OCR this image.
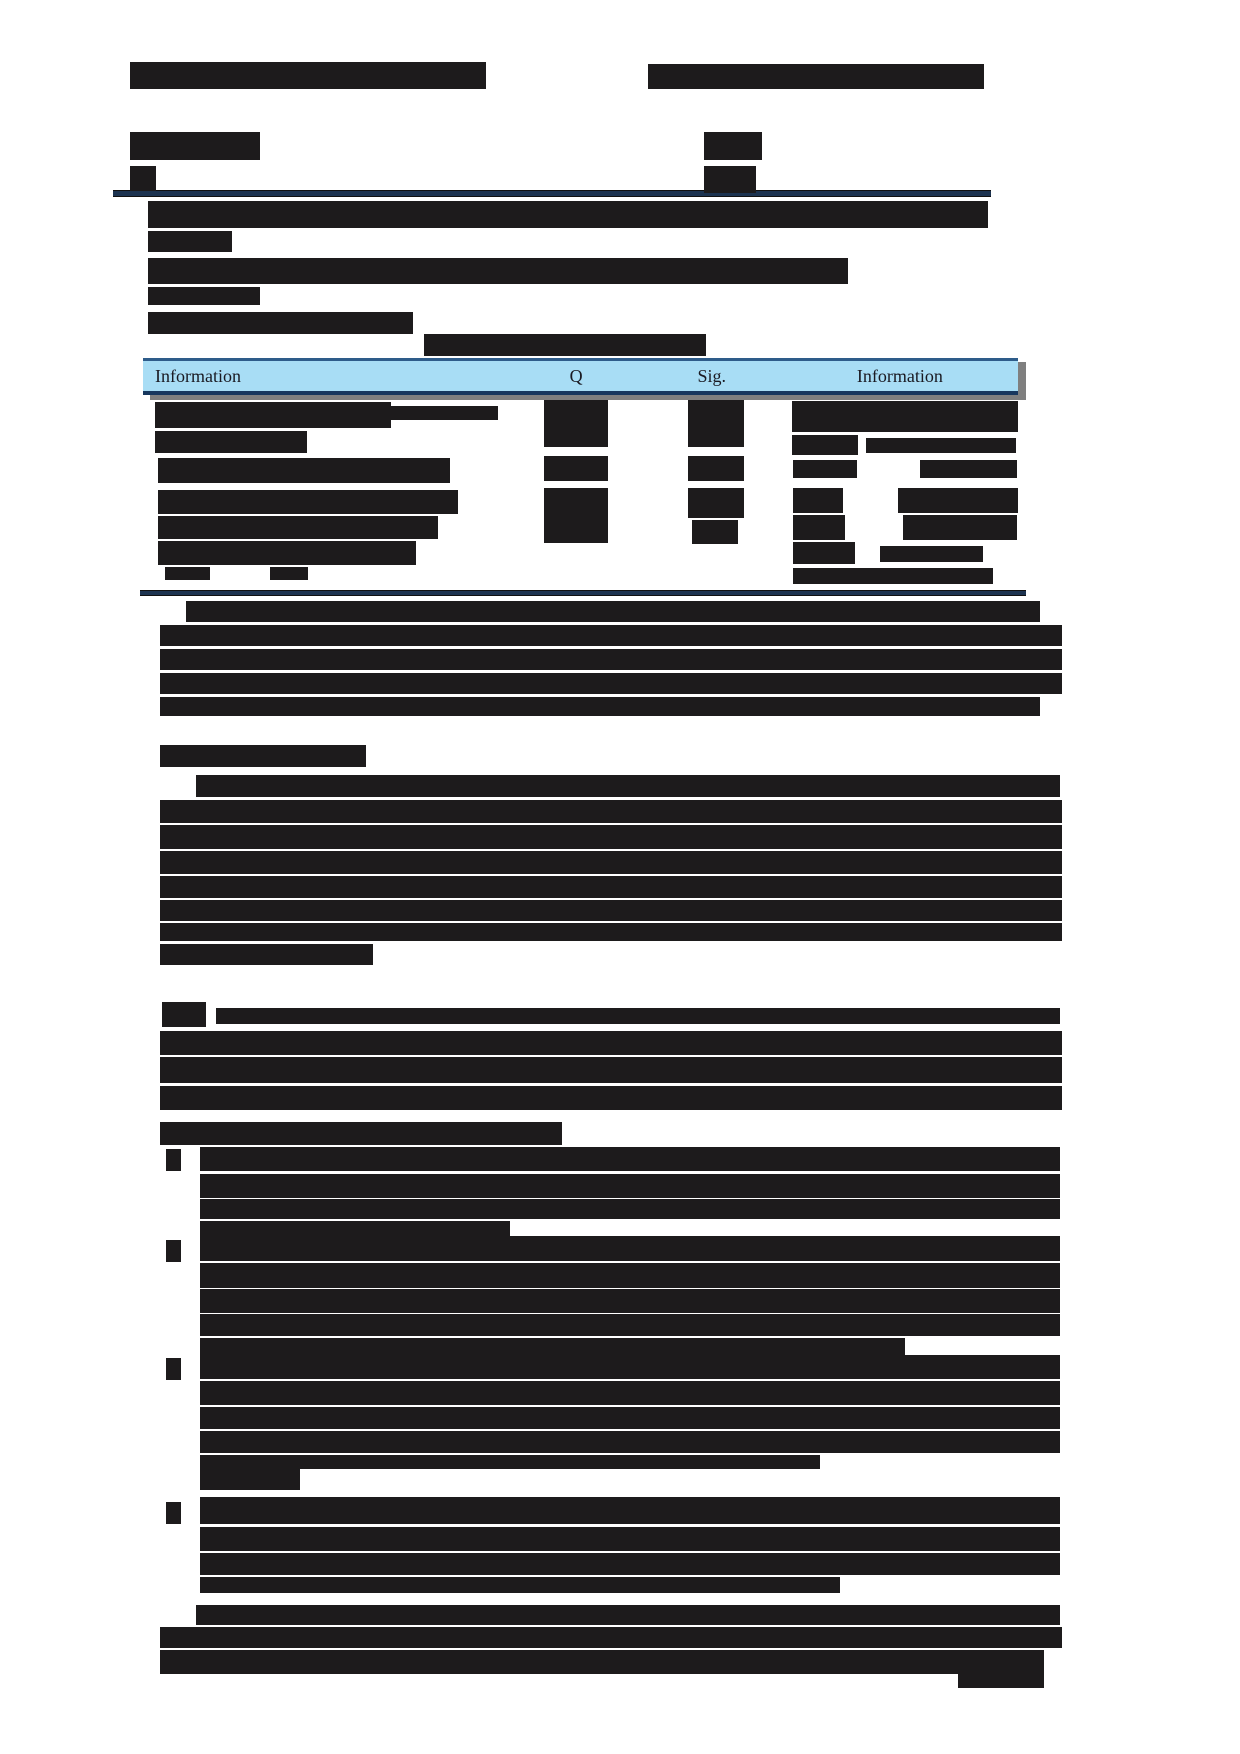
Information	Q	Sig.	Information
